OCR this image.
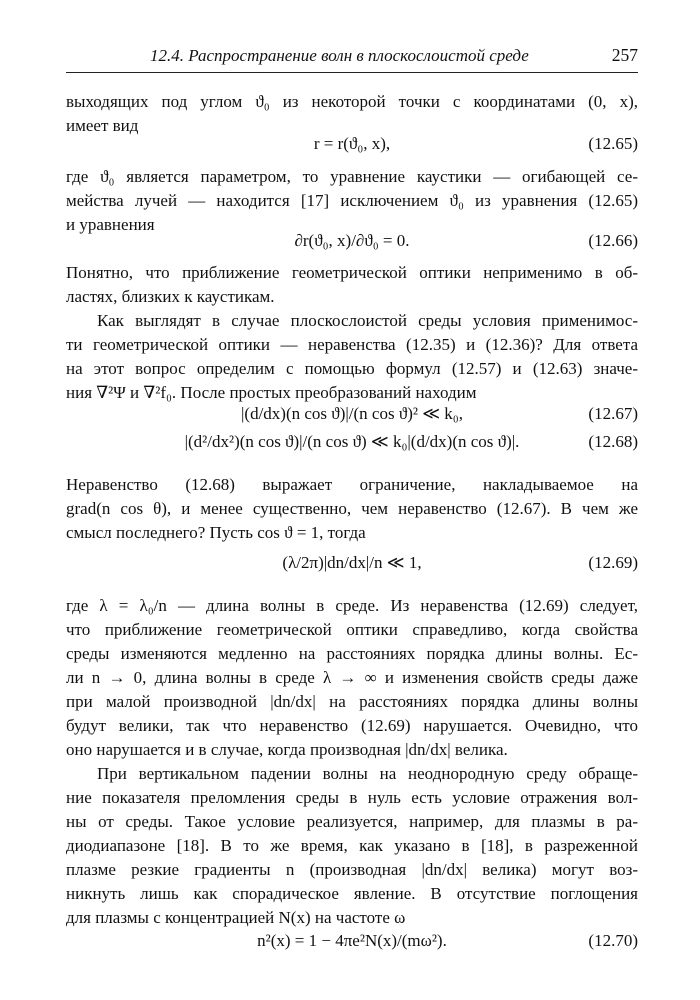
12.4. Распространение волн в плоскослоистой среде	257
выходящих под углом ϑ₀ из некоторой точки с координатами (0, x),
имеет вид
r = r(ϑ₀, x),	(12.65)
где ϑ₀ является параметром, то уравнение каустики — огибающей се-
мейства лучей — находится [17] исключением ϑ₀ из уравнения (12.65)
и уравнения
∂r(ϑ₀, x)/∂ϑ₀ = 0.	(12.66)
Понятно, что приближение геометрической оптики неприменимо в об-
ластях, близких к каустикам.
Как выглядят в случае плоскослоистой среды условия применимос-
ти геометрической оптики — неравенства (12.35) и (12.36)? Для ответа
на этот вопрос определим с помощью формул (12.57) и (12.63) значе-
ния ∇²Ψ и ∇²f₀. После простых преобразований находим
|(d/dx)(n cos ϑ)|/(n cos ϑ)² ≪ k₀,	(12.67)
|(d²/dx²)(n cos ϑ)|/(n cos ϑ) ≪ k₀|(d/dx)(n cos ϑ)|.	(12.68)
Неравенство (12.68) выражает ограничение, накладываемое на
grad(n cos θ), и менее существенно, чем неравенство (12.67). В чем же
смысл последнего? Пусть cos ϑ = 1, тогда
(λ/2π)|dn/dx|/n ≪ 1,	(12.69)
где λ = λ₀/n — длина волны в среде. Из неравенства (12.69) следует,
что приближение геометрической оптики справедливо, когда свойства
среды изменяются медленно на расстояниях порядка длины волны. Ес-
ли n → 0, длина волны в среде λ → ∞ и изменения свойств среды даже
при малой производной |dn/dx| на расстояниях порядка длины волны
будут велики, так что неравенство (12.69) нарушается. Очевидно, что
оно нарушается и в случае, когда производная |dn/dx| велика.
При вертикальном падении волны на неоднородную среду обраще-
ние показателя преломления среды в нуль есть условие отражения вол-
ны от среды. Такое условие реализуется, например, для плазмы в ра-
диодиапазоне [18]. В то же время, как указано в [18], в разреженной
плазме резкие градиенты n (производная |dn/dx| велика) могут воз-
никнуть лишь как спорадическое явление. В отсутствие поглощения
для плазмы с концентрацией N(x) на частоте ω
n²(x) = 1 − 4πe²N(x)/(mω²).	(12.70)
